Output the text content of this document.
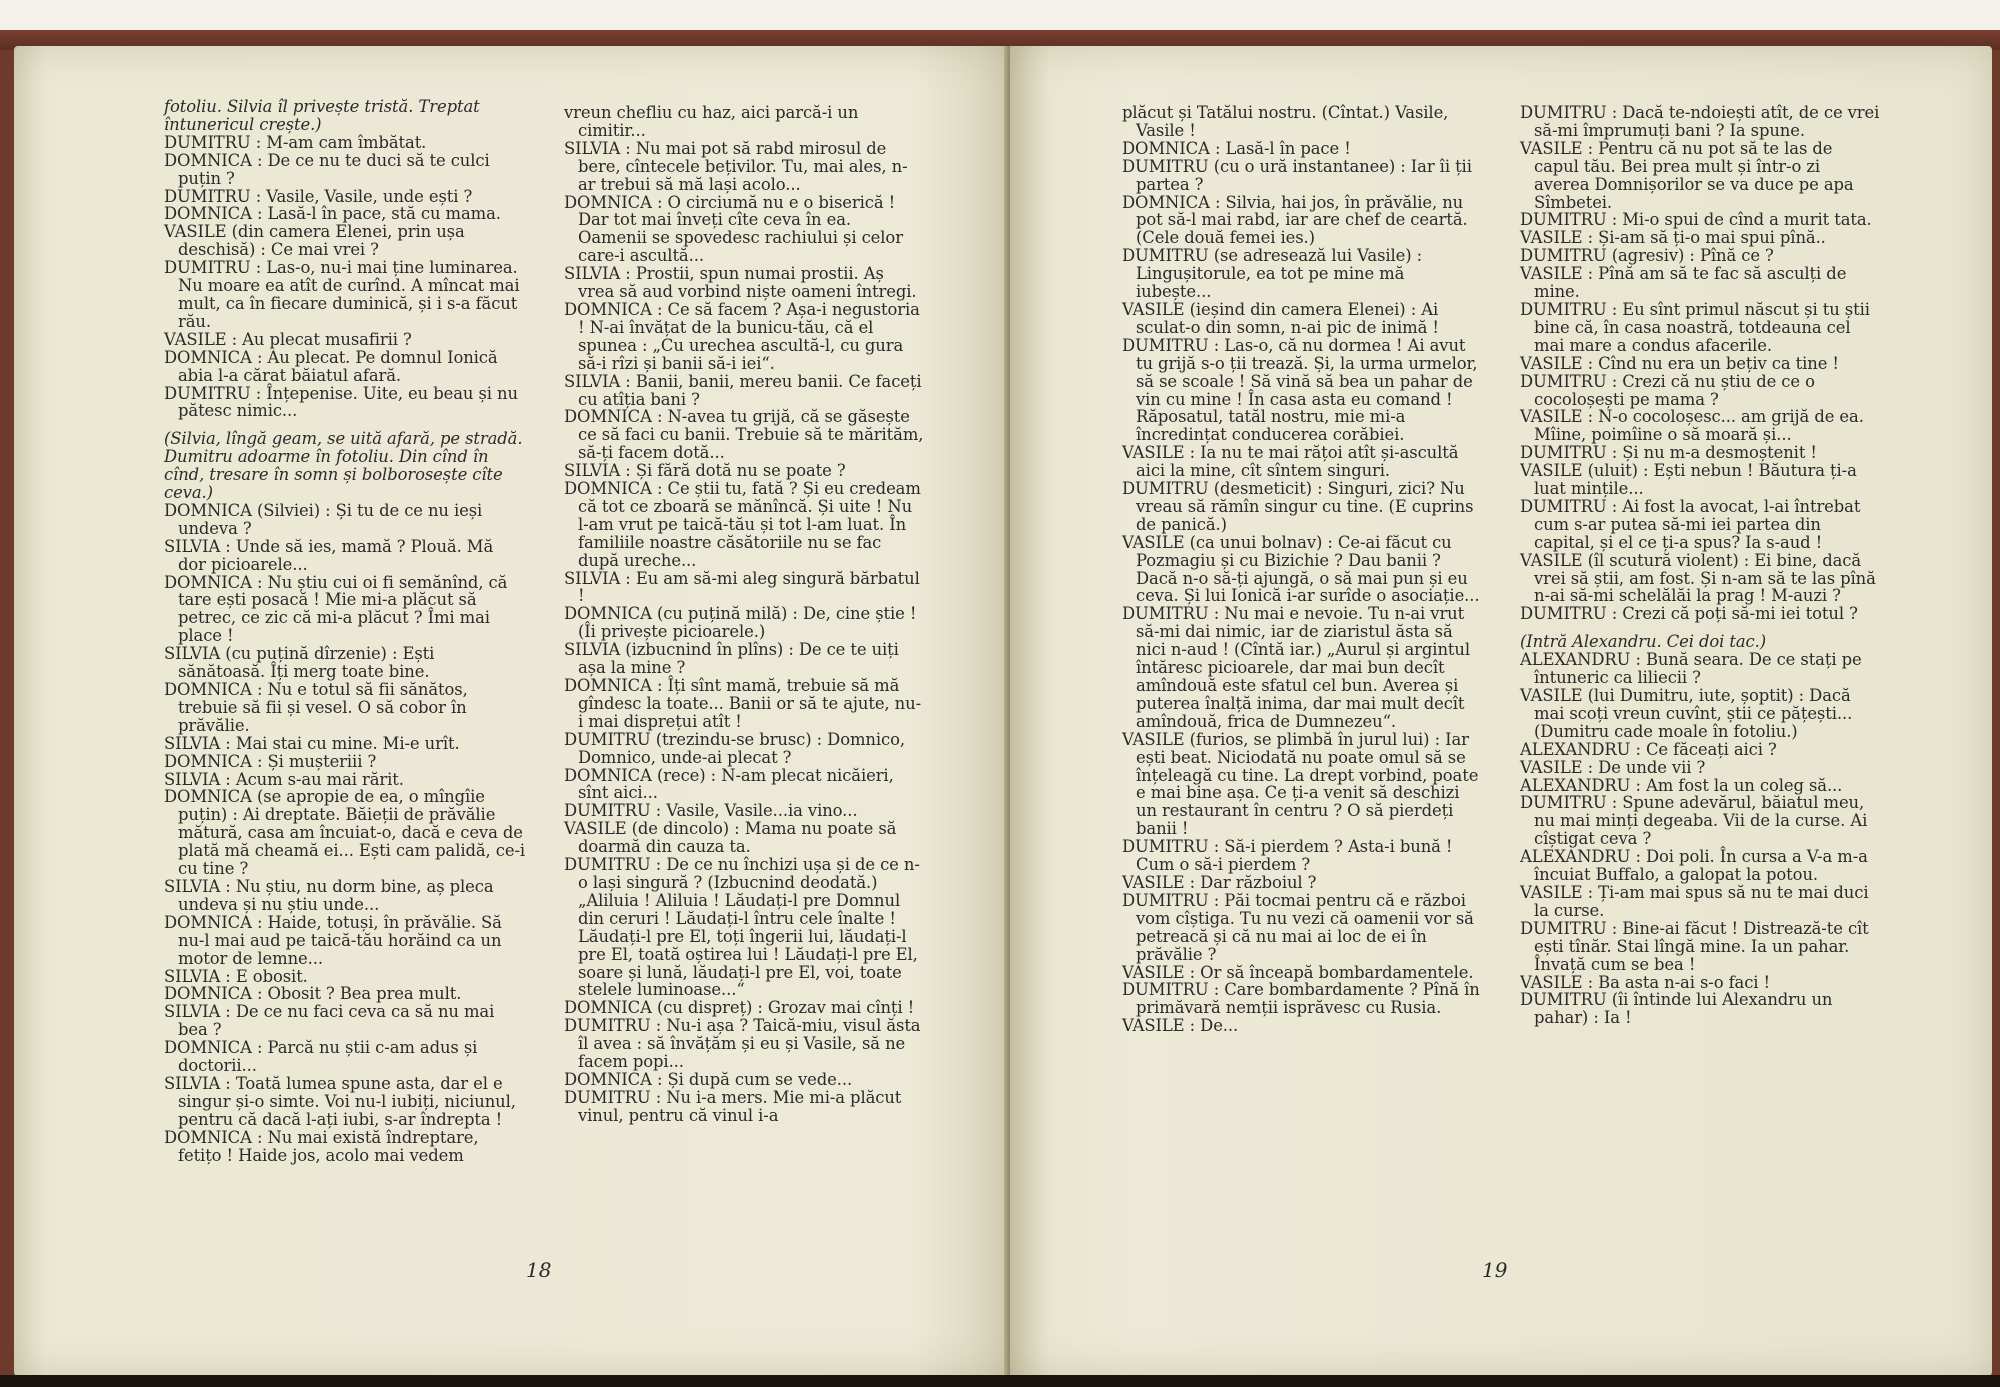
fotoliu. Silvia îl privește tristă. Treptat întunericul crește.)

DUMITRU : M-am cam îmbătat.

DOMNICA : De ce nu te duci să te culci puțin ?

DUMITRU : Vasile, Vasile, unde ești ?

DOMNICA : Lasă-l în pace, stă cu mama.

VASILE (din camera Elenei, prin ușa deschisă) : Ce mai vrei ?

DUMITRU : Las-o, nu-i mai ține luminarea. Nu moare ea atît de curînd. A mîncat mai mult, ca în fiecare duminică, și i s-a făcut rău.

VASILE : Au plecat musafirii ?

DOMNICA : Au plecat. Pe domnul Ionică abia l-a cărat băiatul afară.

DUMITRU : Înțepenise. Uite, eu beau și nu pătesc nimic...

(Silvia, lîngă geam, se uită afară, pe stradă. Dumitru adoarme în fotoliu. Din cînd în cînd, tresare în somn și bolborosește cîte ceva.)

DOMNICA (Silviei) : Și tu de ce nu ieși undeva ?

SILVIA : Unde să ies, mamă ? Plouă. Mă dor picioarele...

DOMNICA : Nu știu cui oi fi semănînd, că tare ești posacă ! Mie mi-a plăcut să petrec, ce zic că mi-a plăcut ? Îmi mai place !

SILVIA (cu puțină dîrzenie) : Ești sănătoasă. Îți merg toate bine.

DOMNICA : Nu e totul să fii sănătos, trebuie să fii și vesel. O să cobor în prăvălie.

SILVIA : Mai stai cu mine. Mi-e urît.

DOMNICA : Și mușteriii ?

SILVIA : Acum s-au mai rărit.

DOMNICA (se apropie de ea, o mîngîie puțin) : Ai dreptate. Băieții de prăvălie mătură, casa am încuiat-o, dacă e ceva de plată mă cheamă ei... Ești cam palidă, ce-i cu tine ?

SILVIA : Nu știu, nu dorm bine, aș pleca undeva și nu știu unde...

DOMNICA : Haide, totuși, în prăvălie. Să nu-l mai aud pe taică-tău horăind ca un motor de lemne...

SILVIA : E obosit.

DOMNICA : Obosit ? Bea prea mult.

SILVIA : De ce nu faci ceva ca să nu mai bea ?

DOMNICA : Parcă nu știi c-am adus și doctorii...

SILVIA : Toată lumea spune asta, dar el e singur și-o simte. Voi nu-l iubiți, niciunul, pentru că dacă l-ați iubi, s-ar îndrepta !

DOMNICA : Nu mai există îndreptare, fetițo ! Haide jos, acolo mai vedem

vreun chefliu cu haz, aici parcă-i un cimitir...

SILVIA : Nu mai pot să rabd mirosul de bere, cîntecele bețivilor. Tu, mai ales, n-ar trebui să mă lași acolo...

DOMNICA : O circiumă nu e o biserică ! Dar tot mai înveți cîte ceva în ea. Oamenii se spovedesc rachiului și celor care-i ascultă...

SILVIA : Prostii, spun numai prostii. Aș vrea să aud vorbind niște oameni întregi.

DOMNICA : Ce să facem ? Așa-i negustoria ! N-ai învățat de la bunicu-tău, că el spunea : „Cu urechea ascultă-l, cu gura să-i rîzi și banii să-i iei“.

SILVIA : Banii, banii, mereu banii. Ce faceți cu atîția bani ?

DOMNICA : N-avea tu grijă, că se găsește ce să faci cu banii. Trebuie să te mărităm, să-ți facem dotă...

SILVIA : Și fără dotă nu se poate ?

DOMNICA : Ce știi tu, fată ? Și eu credeam că tot ce zboară se mănîncă. Și uite ! Nu l-am vrut pe taică-tău și tot l-am luat. În familiile noastre căsătoriile nu se fac după ureche...

SILVIA : Eu am să-mi aleg singură bărbatul !

DOMNICA (cu puțină milă) : De, cine știe ! (Îi privește picioarele.)

SILVIA (izbucnind în plîns) : De ce te uiți așa la mine ?

DOMNICA : Îți sînt mamă, trebuie să mă gîndesc la toate... Banii or să te ajute, nu-i mai disprețui atît !

DUMITRU (trezindu-se brusc) : Domnico, Domnico, unde-ai plecat ?

DOMNICA (rece) : N-am plecat nicăieri, sînt aici...

DUMITRU : Vasile, Vasile...ia vino...

VASILE (de dincolo) : Mama nu poate să doarmă din cauza ta.

DUMITRU : De ce nu închizi ușa și de ce n-o lași singură ? (Izbucnind deodată.) „Aliluia ! Aliluia ! Lăudați-l pre Domnul din ceruri ! Lăudați-l întru cele înalte ! Lăudați-l pre El, toți îngerii lui, lăudați-l pre El, toată oștirea lui ! Lăudați-l pre El, soare și lună, lăudați-l pre El, voi, toate stelele luminoase...“

DOMNICA (cu dispreț) : Grozav mai cînți !

DUMITRU : Nu-i așa ? Taică-miu, visul ăsta îl avea : să învățăm și eu și Vasile, să ne facem popi...

DOMNICA : Și după cum se vede...

DUMITRU : Nu i-a mers. Mie mi-a plăcut vinul, pentru că vinul i-a

18

plăcut și Tatălui nostru. (Cîntat.) Vasile, Vasile !

DOMNICA : Lasă-l în pace !

DUMITRU (cu o ură instantanee) : Iar îi ții partea ?

DOMNICA : Silvia, hai jos, în prăvălie, nu pot să-l mai rabd, iar are chef de ceartă. (Cele două femei ies.)

DUMITRU (se adresează lui Vasile) : Lingușitorule, ea tot pe mine mă iubește...

VASILE (ieșind din camera Elenei) : Ai sculat-o din somn, n-ai pic de inimă !

DUMITRU : Las-o, că nu dormea ! Ai avut tu grijă s-o ții trează. Și, la urma urmelor, să se scoale ! Să vină să bea un pahar de vin cu mine ! În casa asta eu comand ! Răposatul, tatăl nostru, mie mi-a încredințat conducerea corăbiei.

VASILE : Ia nu te mai rățoi atît și-ascultă aici la mine, cît sîntem singuri.

DUMITRU (desmeticit) : Singuri, zici? Nu vreau să rămîn singur cu tine. (E cuprins de panică.)

VASILE (ca unui bolnav) : Ce-ai făcut cu Pozmagiu și cu Bizichie ? Dau banii ? Dacă n-o să-ți ajungă, o să mai pun și eu ceva. Și lui Ionică i-ar surîde o asociație...

DUMITRU : Nu mai e nevoie. Tu n-ai vrut să-mi dai nimic, iar de ziaristul ăsta să nici n-aud ! (Cîntă iar.) „Aurul și argintul întăresc picioarele, dar mai bun decît amîndouă este sfatul cel bun. Averea și puterea înalță inima, dar mai mult decît amîndouă, frica de Dumnezeu“.

VASILE (furios, se plimbă în jurul lui) : Iar ești beat. Niciodată nu poate omul să se înțeleagă cu tine. La drept vorbind, poate e mai bine așa. Ce ți-a venit să deschizi un restaurant în centru ? O să pierdeți banii !

DUMITRU : Să-i pierdem ? Asta-i bună ! Cum o să-i pierdem ?

VASILE : Dar războiul ?

DUMITRU : Păi tocmai pentru că e război vom cîștiga. Tu nu vezi că oamenii vor să petreacă și că nu mai ai loc de ei în prăvălie ?

VASILE : Or să înceapă bombardamentele.

DUMITRU : Care bombardamente ? Pînă în primăvară nemții isprăvesc cu Rusia.

VASILE : De...

DUMITRU : Dacă te-ndoiești atît, de ce vrei să-mi împrumuți bani ? Ia spune.

VASILE : Pentru că nu pot să te las de capul tău. Bei prea mult și într-o zi averea Domnișorilor se va duce pe apa Sîmbetei.

DUMITRU : Mi-o spui de cînd a murit tata.

VASILE : Și-am să ți-o mai spui pînă..

DUMITRU (agresiv) : Pînă ce ?

VASILE : Pînă am să te fac să asculți de mine.

DUMITRU : Eu sînt primul născut și tu știi bine că, în casa noastră, totdeauna cel mai mare a condus afacerile.

VASILE : Cînd nu era un bețiv ca tine !

DUMITRU : Crezi că nu știu de ce o cocoloșești pe mama ?

VASILE : N-o cocoloșesc... am grijă de ea. Mîine, poimîine o să moară și...

DUMITRU : Și nu m-a desmoștenit !

VASILE (uluit) : Ești nebun ! Băutura ți-a luat mințile...

DUMITRU : Ai fost la avocat, l-ai întrebat cum s-ar putea să-mi iei partea din capital, și el ce ți-a spus? Ia s-aud !

VASILE (îl scutură violent) : Ei bine, dacă vrei să știi, am fost. Și n-am să te las pînă n-ai să-mi schelălăi la prag ! M-auzi ?

DUMITRU : Crezi că poți să-mi iei totul ?

(Intră Alexandru. Cei doi tac.)

ALEXANDRU : Bună seara. De ce stați pe întuneric ca liliecii ?

VASILE (lui Dumitru, iute, șoptit) : Dacă mai scoți vreun cuvînt, știi ce pățești... (Dumitru cade moale în fotoliu.)

ALEXANDRU : Ce făceați aici ?

VASILE : De unde vii ?

ALEXANDRU : Am fost la un coleg să...

DUMITRU : Spune adevărul, băiatul meu, nu mai minți degeaba. Vii de la curse. Ai cîștigat ceva ?

ALEXANDRU : Doi poli. În cursa a V-a m-a încuiat Buffalo, a galopat la potou.

VASILE : Ți-am mai spus să nu te mai duci la curse.

DUMITRU : Bine-ai făcut ! Distrează-te cît ești tînăr. Stai lîngă mine. Ia un pahar. Învață cum se bea !

VASILE : Ba asta n-ai s-o faci !

DUMITRU (îi întinde lui Alexandru un pahar) : Ia !

19
